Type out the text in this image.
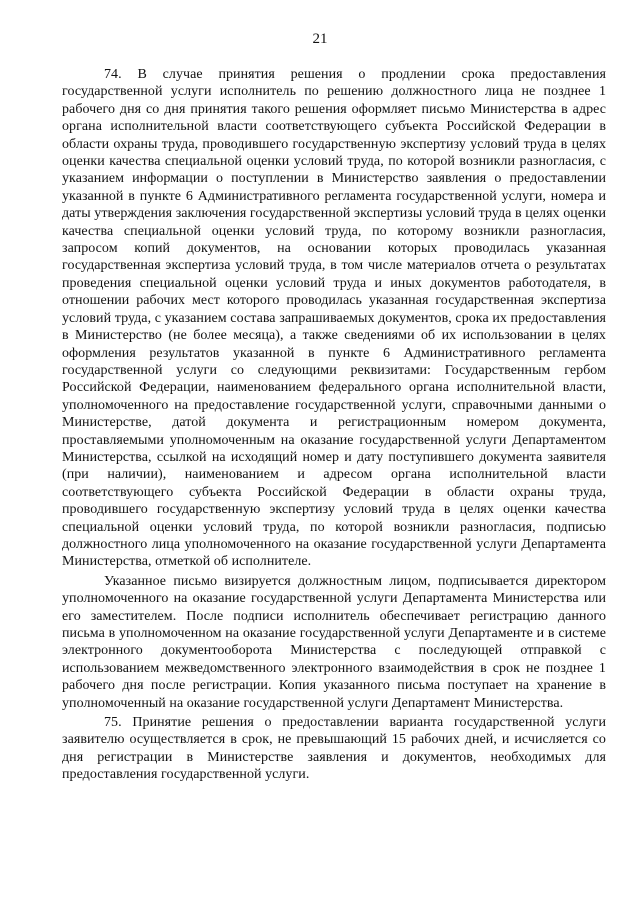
21

74. В случае принятия решения о продлении срока предоставления государственной услуги исполнитель по решению должностного лица не позднее 1 рабочего дня со дня принятия такого решения оформляет письмо Министерства в адрес органа исполнительной власти соответствующего субъекта Российской Федерации в области охраны труда, проводившего государственную экспертизу условий труда в целях оценки качества специальной оценки условий труда, по которой возникли разногласия, с указанием информации о поступлении в Министерство заявления о предоставлении указанной в пункте 6 Административного регламента государственной услуги, номера и даты утверждения заключения государственной экспертизы условий труда в целях оценки качества специальной оценки условий труда, по которому возникли разногласия, запросом копий документов, на основании которых проводилась указанная государственная экспертиза условий труда, в том числе материалов отчета о результатах проведения специальной оценки условий труда и иных документов работодателя, в отношении рабочих мест которого проводилась указанная государственная экспертиза условий труда, с указанием состава запрашиваемых документов, срока их предоставления в Министерство (не более месяца), а также сведениями об их использовании в целях оформления результатов указанной в пункте 6 Административного регламента государственной услуги со следующими реквизитами: Государственным гербом Российской Федерации, наименованием федерального органа исполнительной власти, уполномоченного на предоставление государственной услуги, справочными данными о Министерстве, датой документа и регистрационным номером документа, проставляемыми уполномоченным на оказание государственной услуги Департаментом Министерства, ссылкой на исходящий номер и дату поступившего документа заявителя (при наличии), наименованием и адресом органа исполнительной власти соответствующего субъекта Российской Федерации в области охраны труда, проводившего государственную экспертизу условий труда в целях оценки качества специальной оценки условий труда, по которой возникли разногласия, подписью должностного лица уполномоченного на оказание государственной услуги Департамента Министерства, отметкой об исполнителе.

Указанное письмо визируется должностным лицом, подписывается директором уполномоченного на оказание государственной услуги Департамента Министерства или его заместителем. После подписи исполнитель обеспечивает регистрацию данного письма в уполномоченном на оказание государственной услуги Департаменте и в системе электронного документооборота Министерства с последующей отправкой с использованием межведомственного электронного взаимодействия в срок не позднее 1 рабочего дня после регистрации. Копия указанного письма поступает на хранение в уполномоченный на оказание государственной услуги Департамент Министерства.

75. Принятие решения о предоставлении варианта государственной услуги заявителю осуществляется в срок, не превышающий 15 рабочих дней, и исчисляется со дня регистрации в Министерстве заявления и документов, необходимых для предоставления государственной услуги.
